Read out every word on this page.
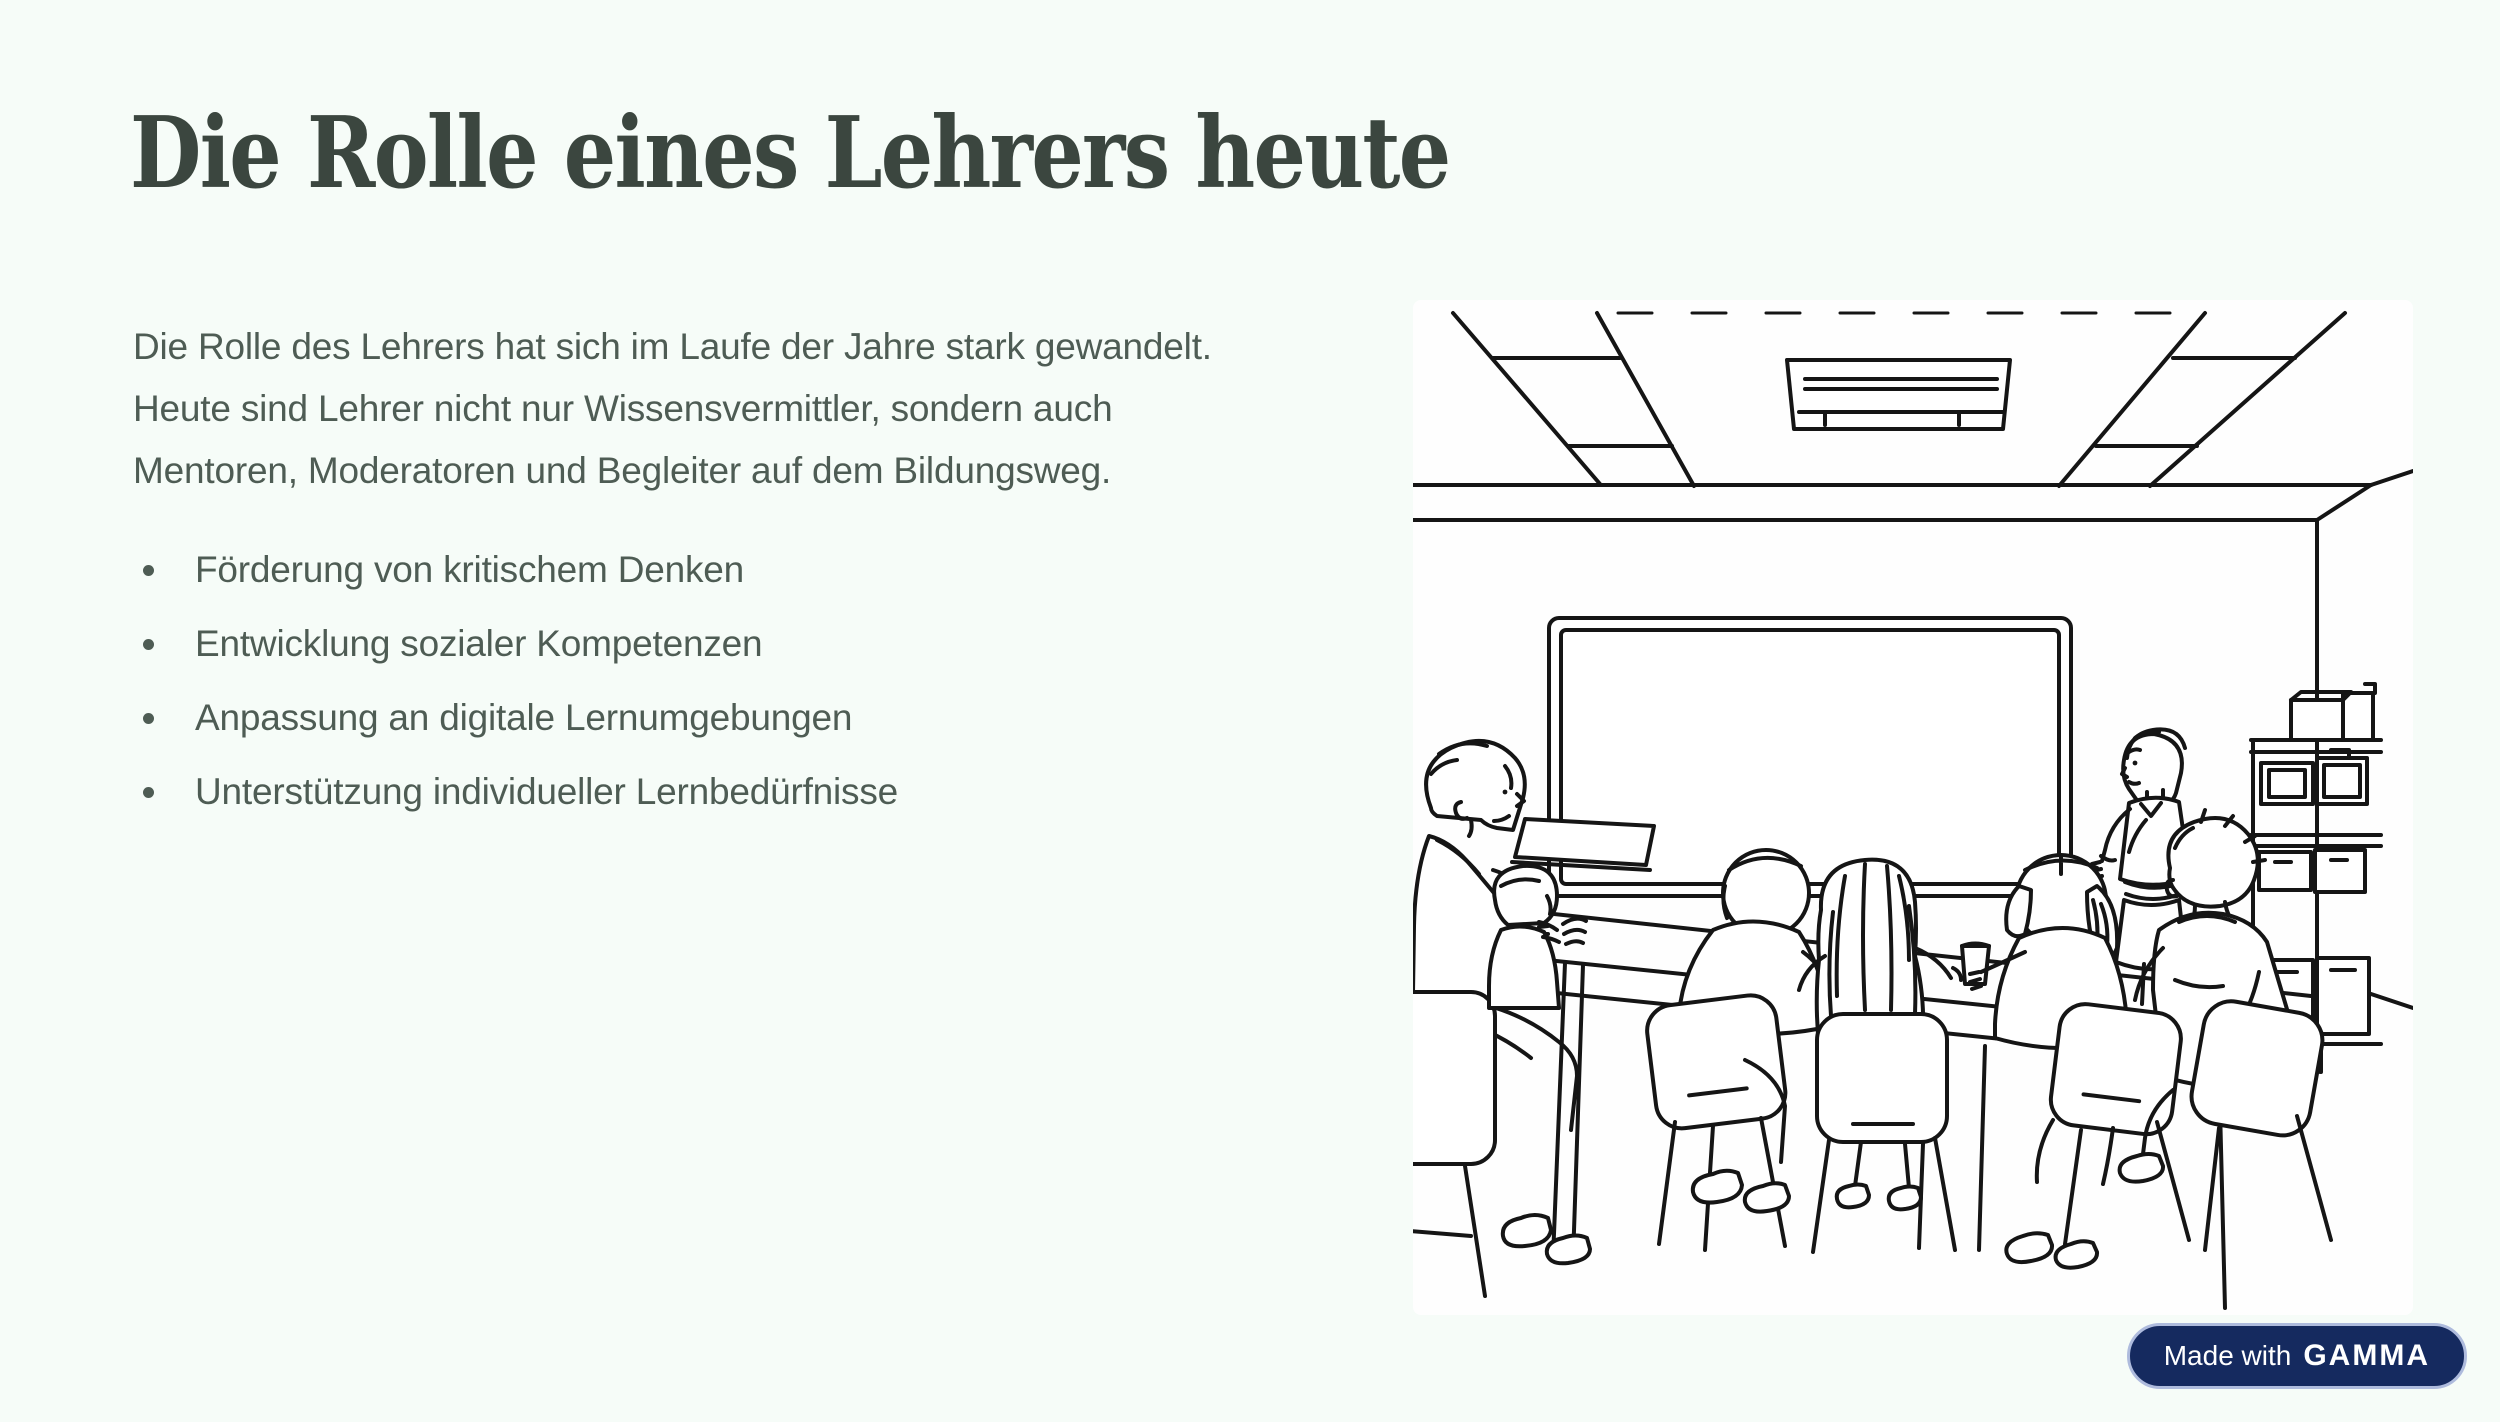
Die Rolle eines Lehrers heute
Die Rolle des Lehrers hat sich im Laufe der Jahre stark gewandelt.
Heute sind Lehrer nicht nur Wissensvermittler, sondern auch
Mentoren, Moderatoren und Begleiter auf dem Bildungsweg.
Förderung von kritischem Denken
Entwicklung sozialer Kompetenzen
Anpassung an digitale Lernumgebungen
Unterstützung individueller Lernbedürfnisse
Made with GAMMA
